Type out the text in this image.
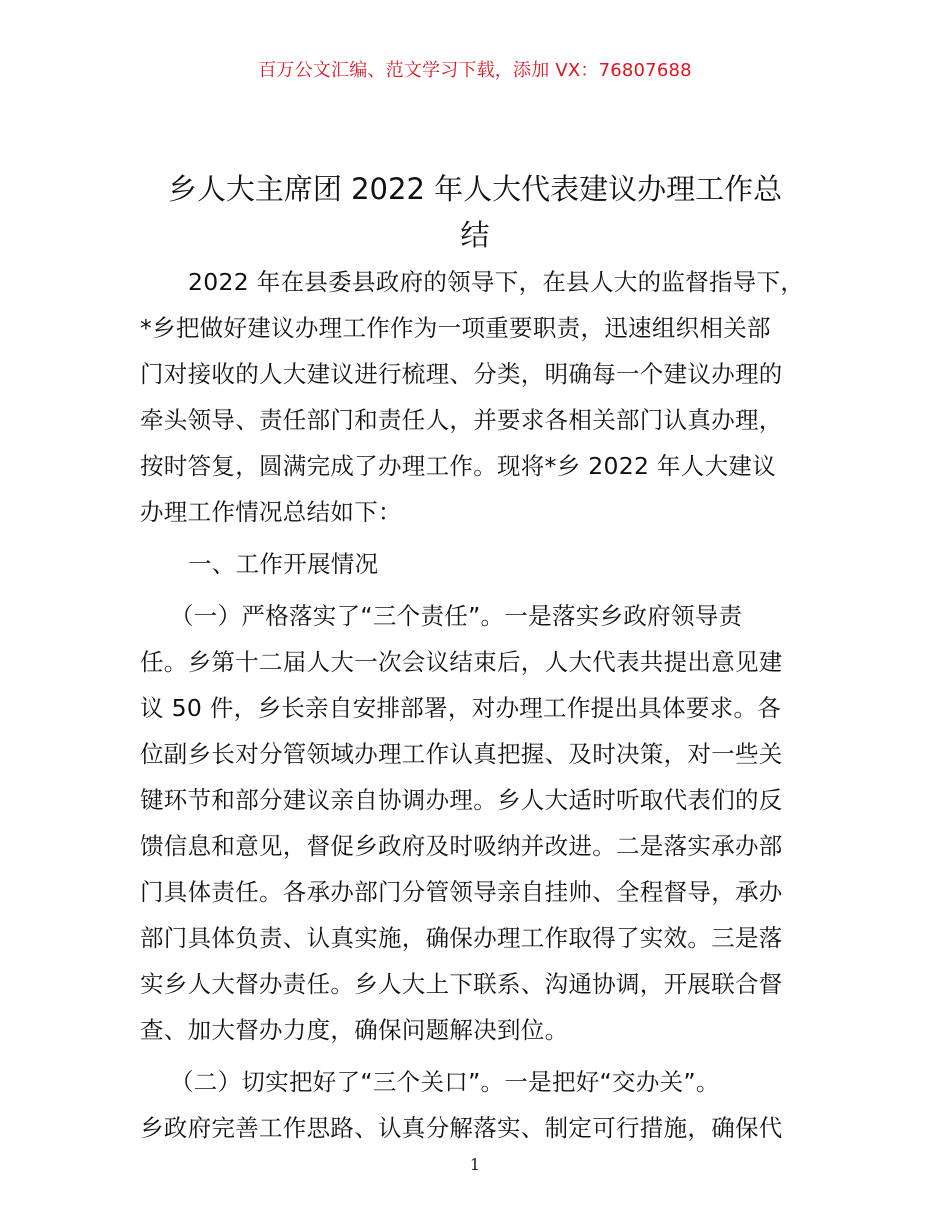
百万公文汇编、范文学习下载，添加 VX：76807688
乡人大主席团 2022 年人大代表建议办理工作总
结
2022 年在县委县政府的领导下，在县人大的监督指导下，
*乡把做好建议办理工作作为一项重要职责，迅速组织相关部
门对接收的人大建议进行梳理、分类，明确每一个建议办理的
牵头领导、责任部门和责任人，并要求各相关部门认真办理，
按时答复，圆满完成了办理工作。现将*乡 2022 年人大建议
办理工作情况总结如下：
一、工作开展情况
（一）严格落实了“三个责任”。一是落实乡政府领导责
任。乡第十二届人大一次会议结束后，人大代表共提出意见建
议 50 件，乡长亲自安排部署，对办理工作提出具体要求。各
位副乡长对分管领域办理工作认真把握、及时决策，对一些关
键环节和部分建议亲自协调办理。乡人大适时听取代表们的反
馈信息和意见，督促乡政府及时吸纳并改进。二是落实承办部
门具体责任。各承办部门分管领导亲自挂帅、全程督导，承办
部门具体负责、认真实施，确保办理工作取得了实效。三是落
实乡人大督办责任。乡人大上下联系、沟通协调，开展联合督
查、加大督办力度，确保问题解决到位。
（二）切实把好了“三个关口”。一是把好“交办关”。
乡政府完善工作思路、认真分解落实、制定可行措施，确保代
1
